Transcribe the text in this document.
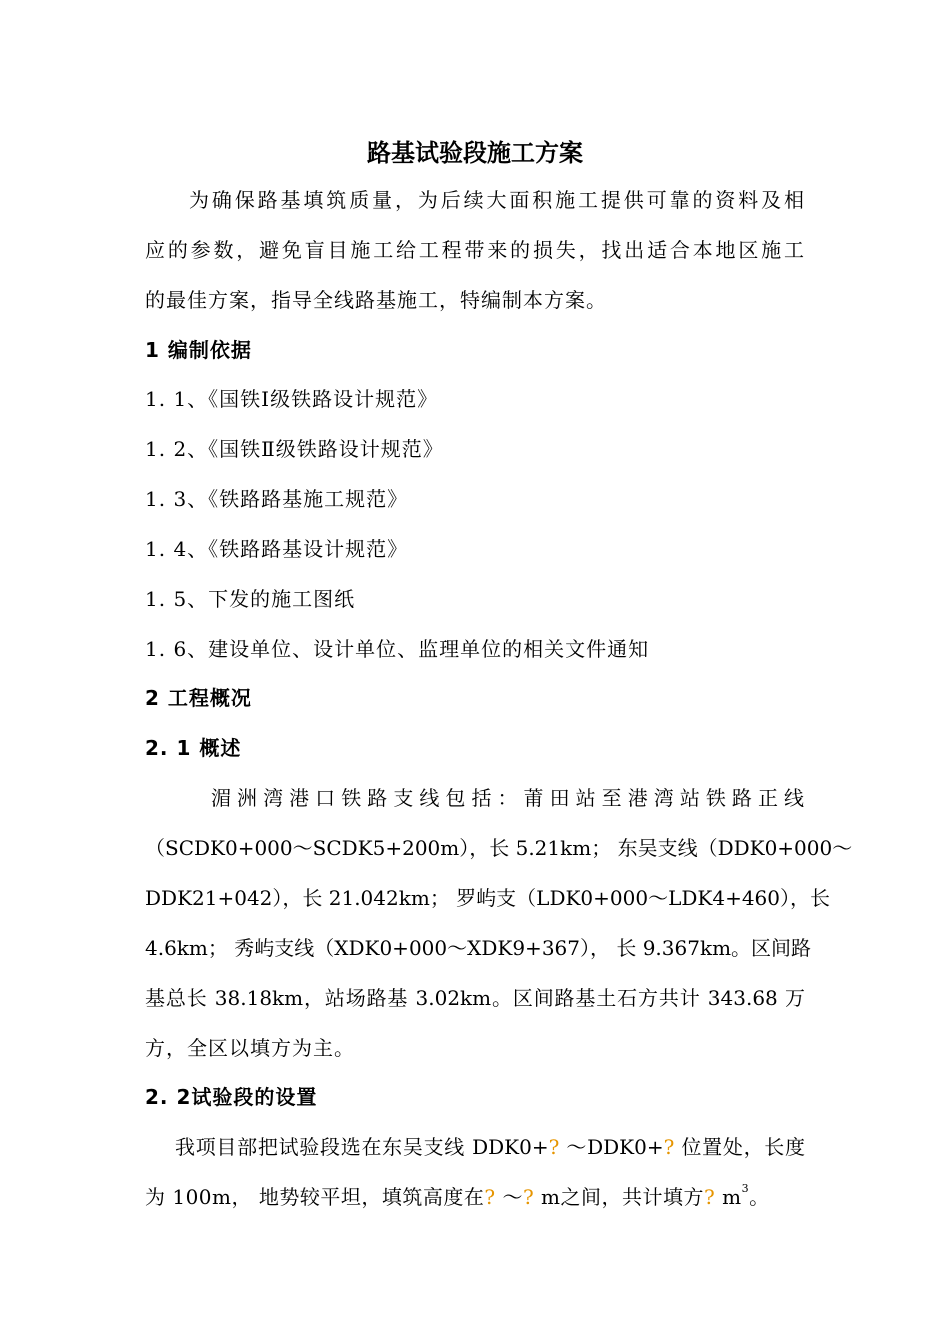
路基试验段施工方案
为确保路基填筑质量，为后续大面积施工提供可靠的资料及相
应的参数，避免盲目施工给工程带来的损失，找出适合本地区施工
的最佳方案，指导全线路基施工，特编制本方案。
1 编制依据
1. 1、《国铁Ⅰ级铁路设计规范》
1. 2、《国铁Ⅱ级铁路设计规范》
1. 3、《铁路路基施工规范》
1. 4、《铁路路基设计规范》
1. 5、下发的施工图纸
1. 6、建设单位、设计单位、监理单位的相关文件通知
2 工程概况
2. 1 概述
湄洲湾港口铁路支线包括：莆田站至港湾站铁路正线
（SCDK0+000～SCDK5+200m），长 5.21km； 东吴支线（DDK0+000～
DDK21+042），长 21.042km； 罗屿支（LDK0+000～LDK4+460），长
4.6km； 秀屿支线（XDK0+000～XDK9+367）， 长 9.367km。区间路
基总长 38.18km，站场路基 3.02km。区间路基土石方共计 343.68 万
方，全区以填方为主。
2. 2试验段的设置
我项目部把试验段选在东吴支线 DDK0+? ～DDK0+? 位置处，长度
为 100m， 地势较平坦，填筑高度在? ～? m之间，共计填方? $m^3$。
